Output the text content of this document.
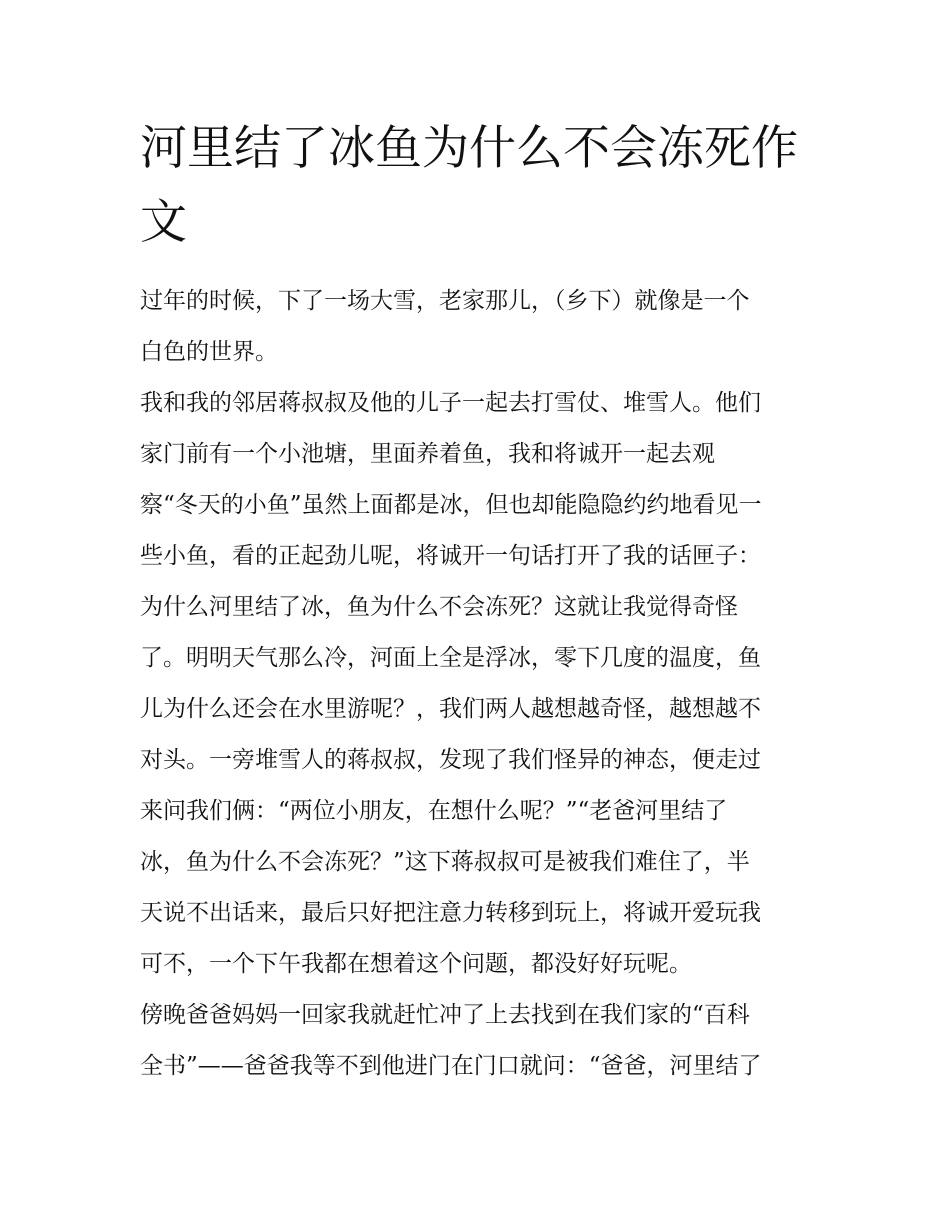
河里结了冰鱼为什么不会冻死作文
过年的时候，下了一场大雪，老家那儿，（乡下）就像是一个
白色的世界。
我和我的邻居蒋叔叔及他的儿子一起去打雪仗、堆雪人。他们
家门前有一个小池塘，里面养着鱼，我和将诚开一起去观
察“冬天的小鱼”虽然上面都是冰，但也却能隐隐约约地看见一
些小鱼，看的正起劲儿呢，将诚开一句话打开了我的话匣子：
为什么河里结了冰，鱼为什么不会冻死？这就让我觉得奇怪
了。明明天气那么冷，河面上全是浮冰，零下几度的温度，鱼
儿为什么还会在水里游呢？，我们两人越想越奇怪，越想越不
对头。一旁堆雪人的蒋叔叔，发现了我们怪异的神态，便走过
来问我们俩：“两位小朋友，在想什么呢？”“老爸河里结了
冰，鱼为什么不会冻死？”这下蒋叔叔可是被我们难住了，半
天说不出话来，最后只好把注意力转移到玩上，将诚开爱玩我
可不，一个下午我都在想着这个问题，都没好好玩呢。
傍晚爸爸妈妈一回家我就赶忙冲了上去找到在我们家的“百科
全书”——爸爸我等不到他进门在门口就问：“爸爸，河里结了
